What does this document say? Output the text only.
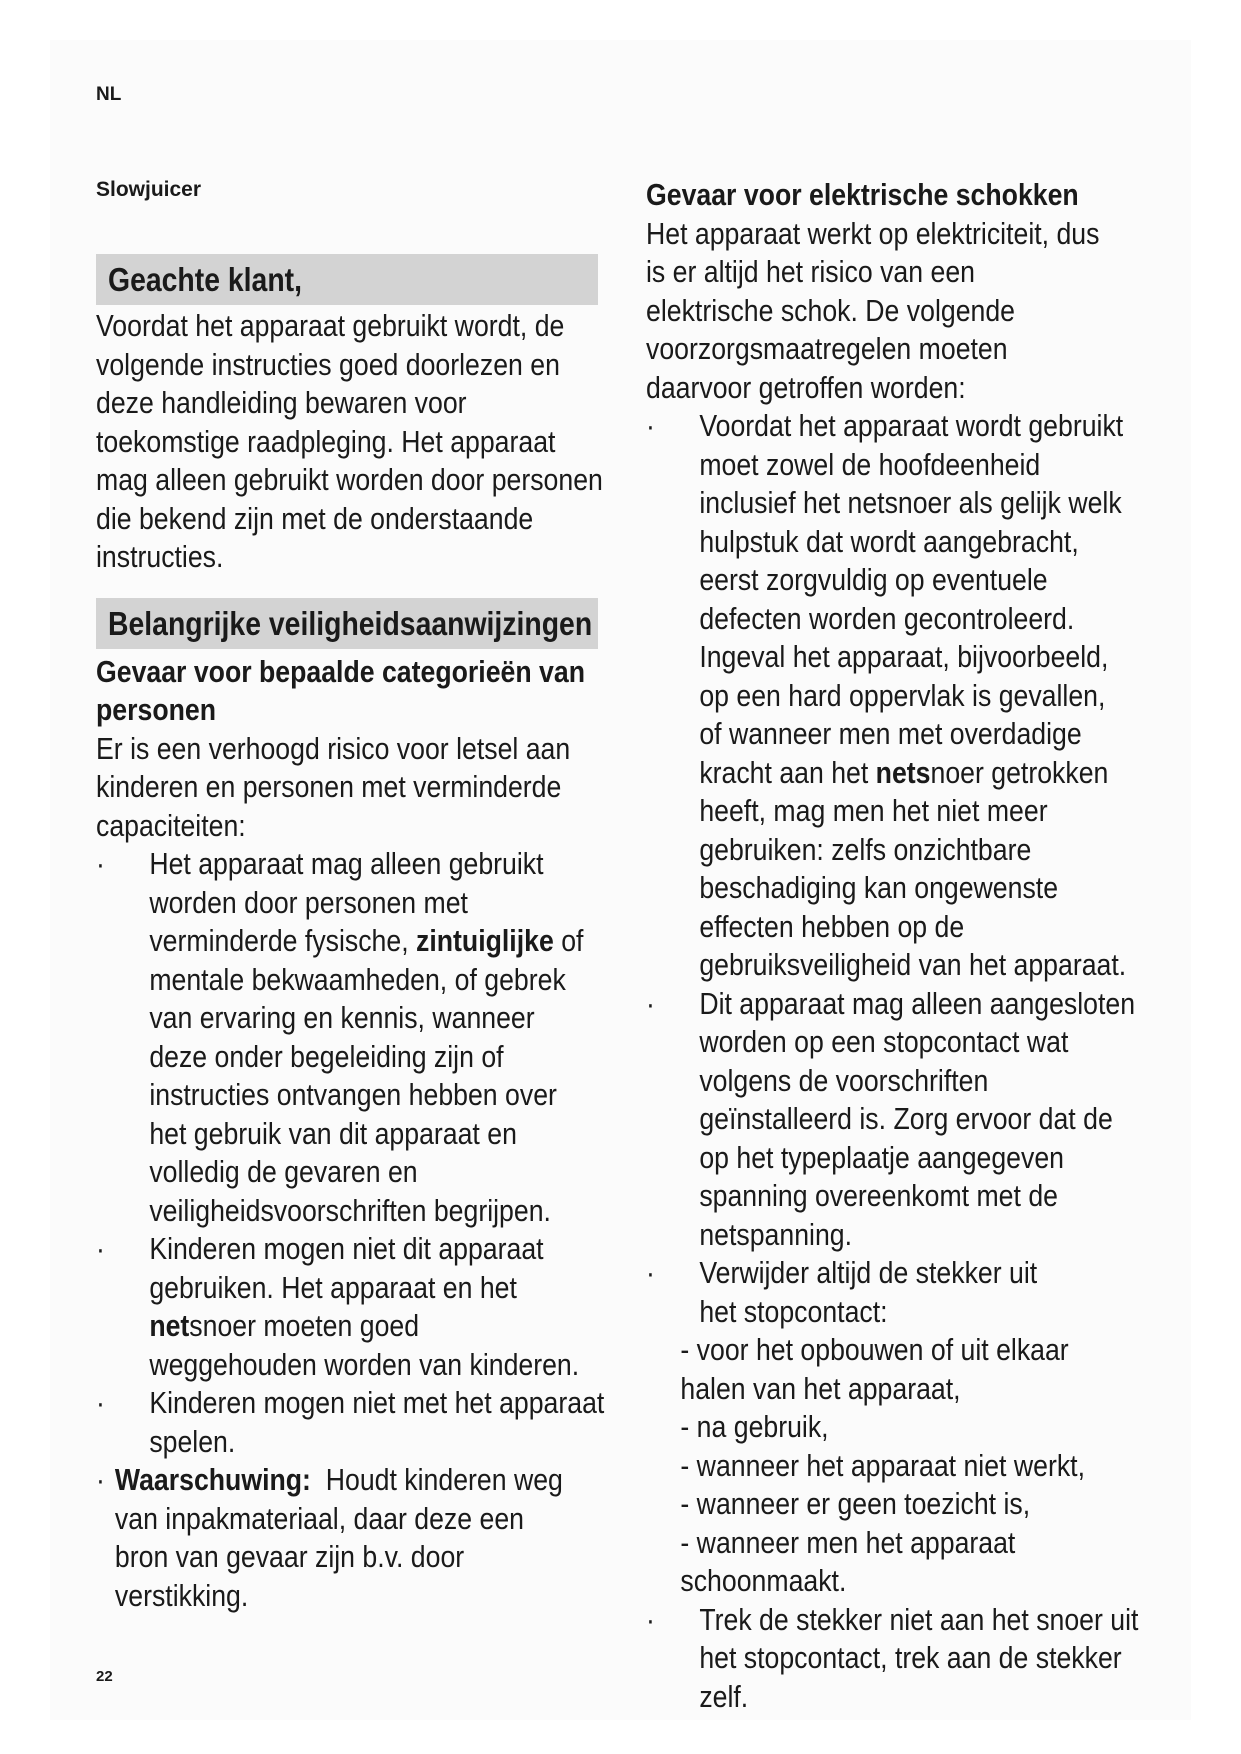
NL
Slowjuicer
Geachte klant,
Voordat het apparaat gebruikt wordt, de volgende instructies goed doorlezen en deze handleiding bewaren voor toekomstige raadpleging. Het apparaat mag alleen gebruikt worden door personen die bekend zijn met de onderstaande instructies.
Belangrijke veiligheidsaanwijzingen
Gevaar voor bepaalde categorieën van personen
Er is een verhoogd risico voor letsel aan kinderen en personen met verminderde capaciteiten:
·	Het apparaat mag alleen gebruikt worden door personen met verminderde fysische, zintuiglijke of mentale bekwaamheden, of gebrek van ervaring en kennis, wanneer deze onder begeleiding zijn of instructies ontvangen hebben over het gebruik van dit apparaat en volledig de gevaren en veiligheidsvoorschriften begrijpen.
·	Kinderen mogen niet dit apparaat gebruiken. Het apparaat en het netsnoer moeten goed weggehouden worden van kinderen.
·	Kinderen mogen niet met het apparaat spelen.
· Waarschuwing:  Houdt kinderen weg van inpakmateriaal, daar deze een bron van gevaar zijn b.v. door verstikking.
Gevaar voor elektrische schokken
Het apparaat werkt op elektriciteit, dus is er altijd het risico van een elektrische schok. De volgende voorzorgsmaatregelen moeten daarvoor getroffen worden:
·	Voordat het apparaat wordt gebruikt moet zowel de hoofdeenheid inclusief het netsnoer als gelijk welk hulpstuk dat wordt aangebracht, eerst zorgvuldig op eventuele defecten worden gecontroleerd. Ingeval het apparaat, bijvoorbeeld, op een hard oppervlak is gevallen, of wanneer men met overdadige kracht aan het netsnoer getrokken heeft, mag men het niet meer gebruiken: zelfs onzichtbare beschadiging kan ongewenste effecten hebben op de gebruiksveiligheid van het apparaat.
·	Dit apparaat mag alleen aangesloten worden op een stopcontact wat volgens de voorschriften geïnstalleerd is. Zorg ervoor dat de op het typeplaatje aangegeven spanning overeenkomt met de netspanning.
·	Verwijder altijd de stekker uit het stopcontact:
- voor het opbouwen of uit elkaar halen van het apparaat,
- na gebruik,
- wanneer het apparaat niet werkt,
- wanneer er geen toezicht is,
- wanneer men het apparaat schoonmaakt.
·	Trek de stekker niet aan het snoer uit het stopcontact, trek aan de stekker zelf.
22
